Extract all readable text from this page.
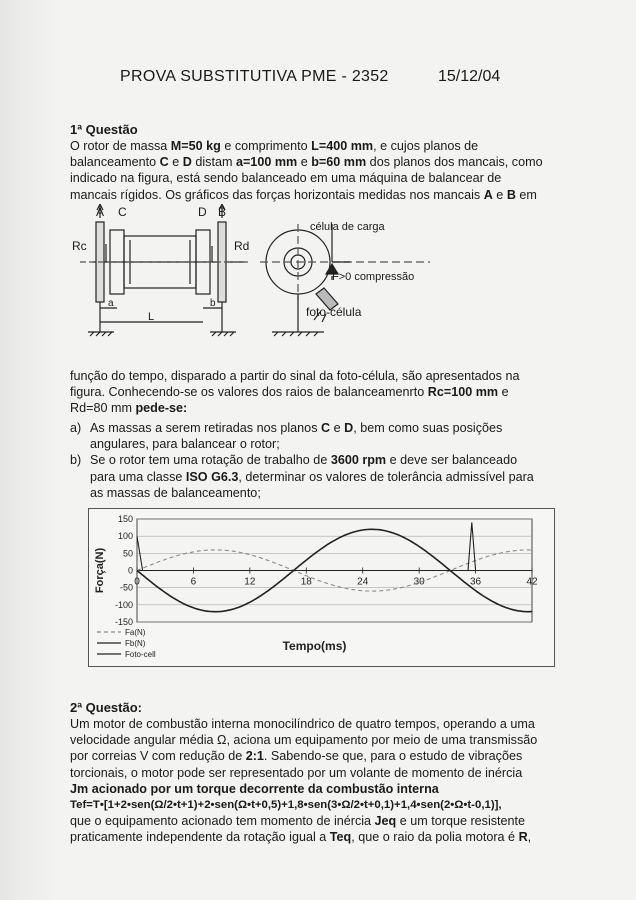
PROVA SUBSTITUTIVA PME - 2352	15/12/04
1ª Questão
O rotor de massa M=50 kg e comprimento L=400 mm, e cujos planos de
balanceamento C e D distam a=100 mm e b=60 mm dos planos dos mancais, como
indicado na figura, está sendo balanceado em uma máquina de balancear de
mancais rígidos. Os gráficos das forças horizontais medidas nos mancais A e B em
A C	D B
Rc	Rd
a
L
b
célula de carga
F>0 compressão
foto-célula
função do tempo, disparado a partir do sinal da foto-célula, são apresentados na
figura. Conhecendo-se os valores dos raios de balanceamenrto Rc=100 mm e
Rd=80 mm pede-se:
a) As massas a serem retiradas nos planos C e D, bem como suas posições
angulares, para balancear o rotor;
b) Se o rotor tem uma rotação de trabalho de 3600 rpm e deve ser balanceado
para uma classe ISO G6.3, determinar os valores de tolerância admissível para
as massas de balanceamento;
150
100
50
0
-50
-100
-150
0	6	12	18	24	30	36	42
Força(N)
Tempo(ms)
Fa(N)
Fb(N)
Foto-cell
2ª Questão:
Um motor de combustão interna monocilíndrico de quatro tempos, operando a uma
velocidade angular média Ω, aciona um equipamento por meio de uma transmissão
por correias V com redução de 2:1. Sabendo-se que, para o estudo de vibrações
torcionais, o motor pode ser representado por um volante de momento de inércia
Jm acionado por um torque decorrente da combustão interna
Tef=T•[1+2•sen(Ω/2•t+1)+2•sen(Ω•t+0,5)+1,8•sen(3•Ω/2•t+0,1)+1,4•sen(2•Ω•t-0,1)],
que o equipamento acionado tem momento de inércia Jeq e um torque resistente
praticamente independente da rotação igual a Teq, que o raio da polia motora é R,
